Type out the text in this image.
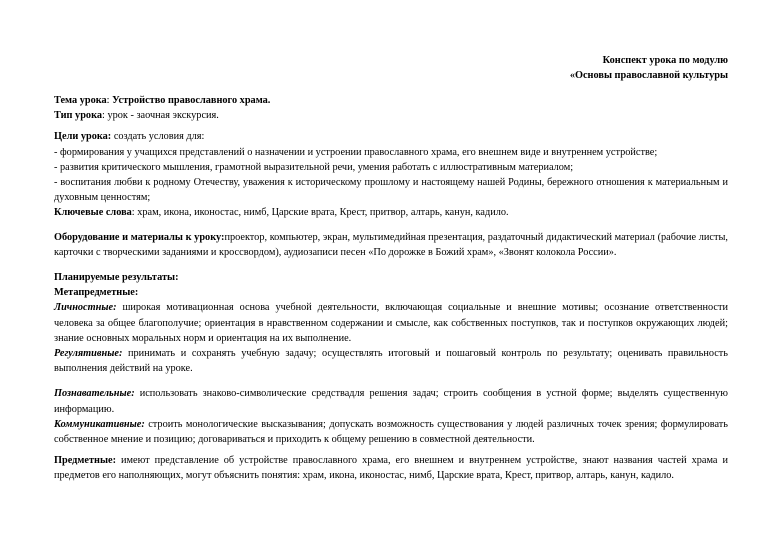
Конспект урока по модулю
«Основы православной культуры

Тема урока: Устройство православного храма.

Тип урока: урок - заочная экскурсия.

Цели урока: создать условия для:

- формирования у учащихся представлений о назначении и устроении православного храма, его внешнем виде и внутреннем устройстве;

- развития критического мышления, грамотной выразительной речи, умения работать с иллюстративным материалом;

- воспитания любви к родному Отечеству, уважения к историческому прошлому и настоящему нашей Родины, бережного отношения к материальным и духовным ценностям;

Ключевые слова: храм, икона, иконостас, нимб, Царские врата, Крест, притвор, алтарь, канун, кадило.

Оборудование и материалы к уроку:проектор, компьютер, экран, мультимедийная презентация, раздаточный дидактический материал (рабочие листы, карточки с творческими заданиями и кроссвордом), аудиозаписи песен «По дорожке в Божий храм», «Звонят колокола России».

Планируемые результаты:

Метапредметные:

Личностные: широкая мотивационная основа учебной деятельности, включающая социальные и внешние мотивы; осознание ответственности человека за общее благополучие; ориентация в нравственном содержании и смысле, как собственных поступков, так и поступков окружающих людей; знание основных моральных норм и ориентация на их выполнение.

Регулятивные: принимать и сохранять учебную задачу; осуществлять итоговый и пошаговый контроль по результату; оценивать правильность выполнения действий на уроке.

Познавательные: использовать знаково-символические средствадля решения задач; строить сообщения в устной форме; выделять существенную информацию.

Коммуникативные: строить монологические высказывания; допускать возможность существования у людей различных точек зрения; формулировать собственное мнение и позицию; договариваться и приходить к общему решению в совместной деятельности.

Предметные: имеют представление об устройстве православного храма, его внешнем и внутреннем устройстве, знают названия частей храма и предметов его наполняющих, могут объяснить понятия: храм, икона, иконостас, нимб, Царские врата, Крест, притвор, алтарь, канун, кадило.
